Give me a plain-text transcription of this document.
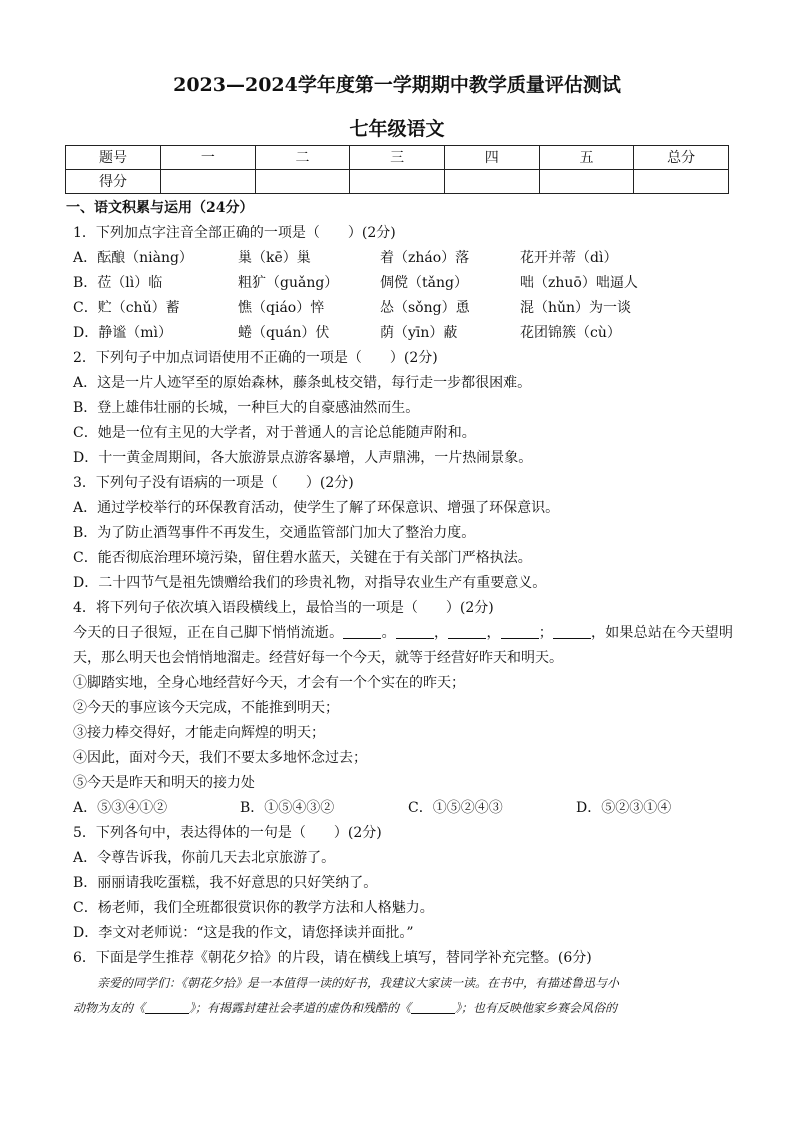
2023—2024学年度第一学期期中教学质量评估测试
七年级语文
题号	一	二	三	四	五	总分
得分						
一、语文积累与运用（24分）
1．下列加点字注音全部正确的一项是（　　）(2分)
A．酝酿（niàng）	巢（kē）巢	着（zháo）落	花开并蒂（dì）
B．莅（lì）临	粗犷（guǎng）	倜傥（tǎng）	咄（zhuō）咄逼人
C．贮（chǔ）蓄	憔（qiáo）悴	怂（sǒng）恿	混（hǔn）为一谈
D．静谧（mì）	蜷（quán）伏	荫（yīn）蔽	花团锦簇（cù）
2．下列句子中加点词语使用不正确的一项是（　　）(2分)
A．这是一片人迹罕至的原始森林，藤条虬枝交错，每行走一步都很困难。
B．登上雄伟壮丽的长城，一种巨大的自豪感油然而生。
C．她是一位有主见的大学者，对于普通人的言论总能随声附和。
D．十一黄金周期间，各大旅游景点游客暴增，人声鼎沸，一片热闹景象。
3．下列句子没有语病的一项是（　　）(2分)
A．通过学校举行的环保教育活动，使学生了解了环保意识、增强了环保意识。
B．为了防止酒驾事件不再发生，交通监管部门加大了整治力度。
C．能否彻底治理环境污染，留住碧水蓝天，关键在于有关部门严格执法。
D．二十四节气是祖先馈赠给我们的珍贵礼物，对指导农业生产有重要意义。
4．将下列句子依次填入语段横线上，最恰当的一项是（　　）(2分)
今天的日子很短，正在自己脚下悄悄流逝。	。	，	，	；	，如果总站在今天望明天，那么明天也会悄悄地溜走。经营好每一个今天，就等于经营好昨天和明天。
①脚踏实地，全身心地经营好今天，才会有一个个实在的昨天；
②今天的事应该今天完成，不能推到明天；
③接力棒交得好，才能走向辉煌的明天；
④因此，面对今天，我们不要太多地怀念过去；
⑤今天是昨天和明天的接力处
A．⑤③④①②	B．①⑤④③②	C．①⑤②④③	D．⑤②③①④
5．下列各句中，表达得体的一句是（　　）(2分)
A．令尊告诉我，你前几天去北京旅游了。
B．丽丽请我吃蛋糕，我不好意思的只好笑纳了。
C．杨老师，我们全班都很赏识你的教学方法和人格魅力。
D．李文对老师说：“这是我的作文，请您择读并面批。”
6．下面是学生推荐《朝花夕拾》的片段，请在横线上填写，替同学补充完整。(6分)
亲爱的同学们：《朝花夕拾》是一本值得一读的好书，我建议大家读一读。在书中，有描述鲁迅与小
动物为友的《	》；有揭露封建社会孝道的虚伪和残酷的《	》；也有反映他家乡赛会风俗的
